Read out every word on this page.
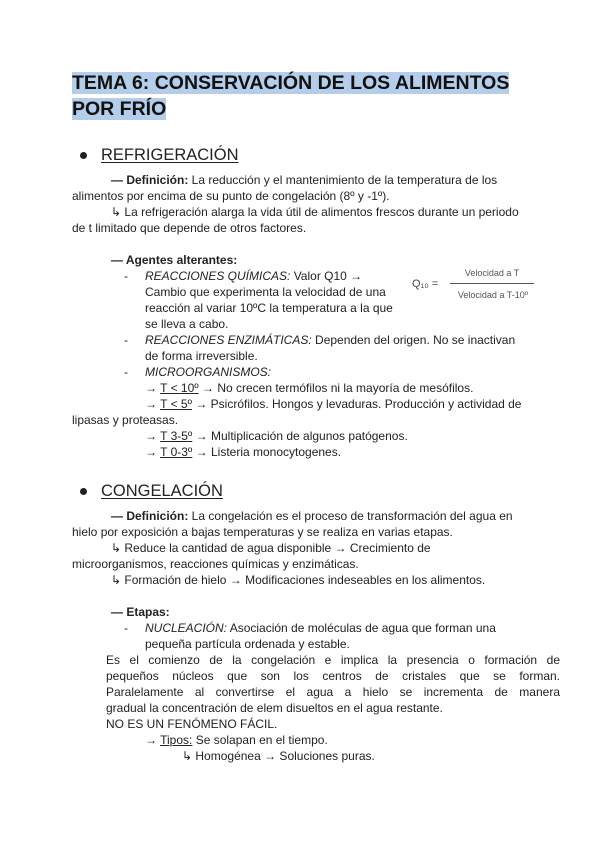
TEMA 6: CONSERVACIÓN DE LOS ALIMENTOS
POR FRÍO
REFRIGERACIÓN
— Definición: La reducción y el mantenimiento de la temperatura de los
alimentos por encima de su punto de congelación (8º y -1º).
↳ La refrigeración alarga la vida útil de alimentos frescos durante un periodo
de t limitado que depende de otros factores.
— Agentes alterantes:
- REACCIONES QUÍMICAS: Valor Q10 →
Cambio que experimenta la velocidad de una
reacción al variar 10ºC la temperatura a la que
se lleva a cabo.
Q₁₀ =
Velocidad a T
Velocidad a T-10º
- REACCIONES ENZIMÁTICAS: Dependen del origen. No se inactivan
de forma irreversible.
- MICROORGANISMOS:
→ T < 10º → No crecen termófilos ni la mayoría de mesófilos.
→ T < 5º → Psicrófilos. Hongos y levaduras. Producción y actividad de
lipasas y proteasas.
→ T 3-5º → Multiplicación de algunos patógenos.
→ T 0-3º → Listeria monocytogenes.
CONGELACIÓN
— Definición: La congelación es el proceso de transformación del agua en
hielo por exposición a bajas temperaturas y se realiza en varias etapas.
↳ Reduce la cantidad de agua disponible → Crecimiento de
microorganismos, reacciones químicas y enzimáticas.
↳ Formación de hielo → Modificaciones indeseables en los alimentos.
— Etapas:
- NUCLEACIÓN: Asociación de moléculas de agua que forman una
pequeña partícula ordenada y estable.
Es el comienzo de la congelación e implica la presencia o formación de
pequeños núcleos que son los centros de cristales que se forman.
Paralelamente al convertirse el agua a hielo se incrementa de manera
gradual la concentración de elem disueltos en el agua restante.
NO ES UN FENÓMENO FÁCIL.
→ Tipos: Se solapan en el tiempo.
↳ Homogénea → Soluciones puras.
